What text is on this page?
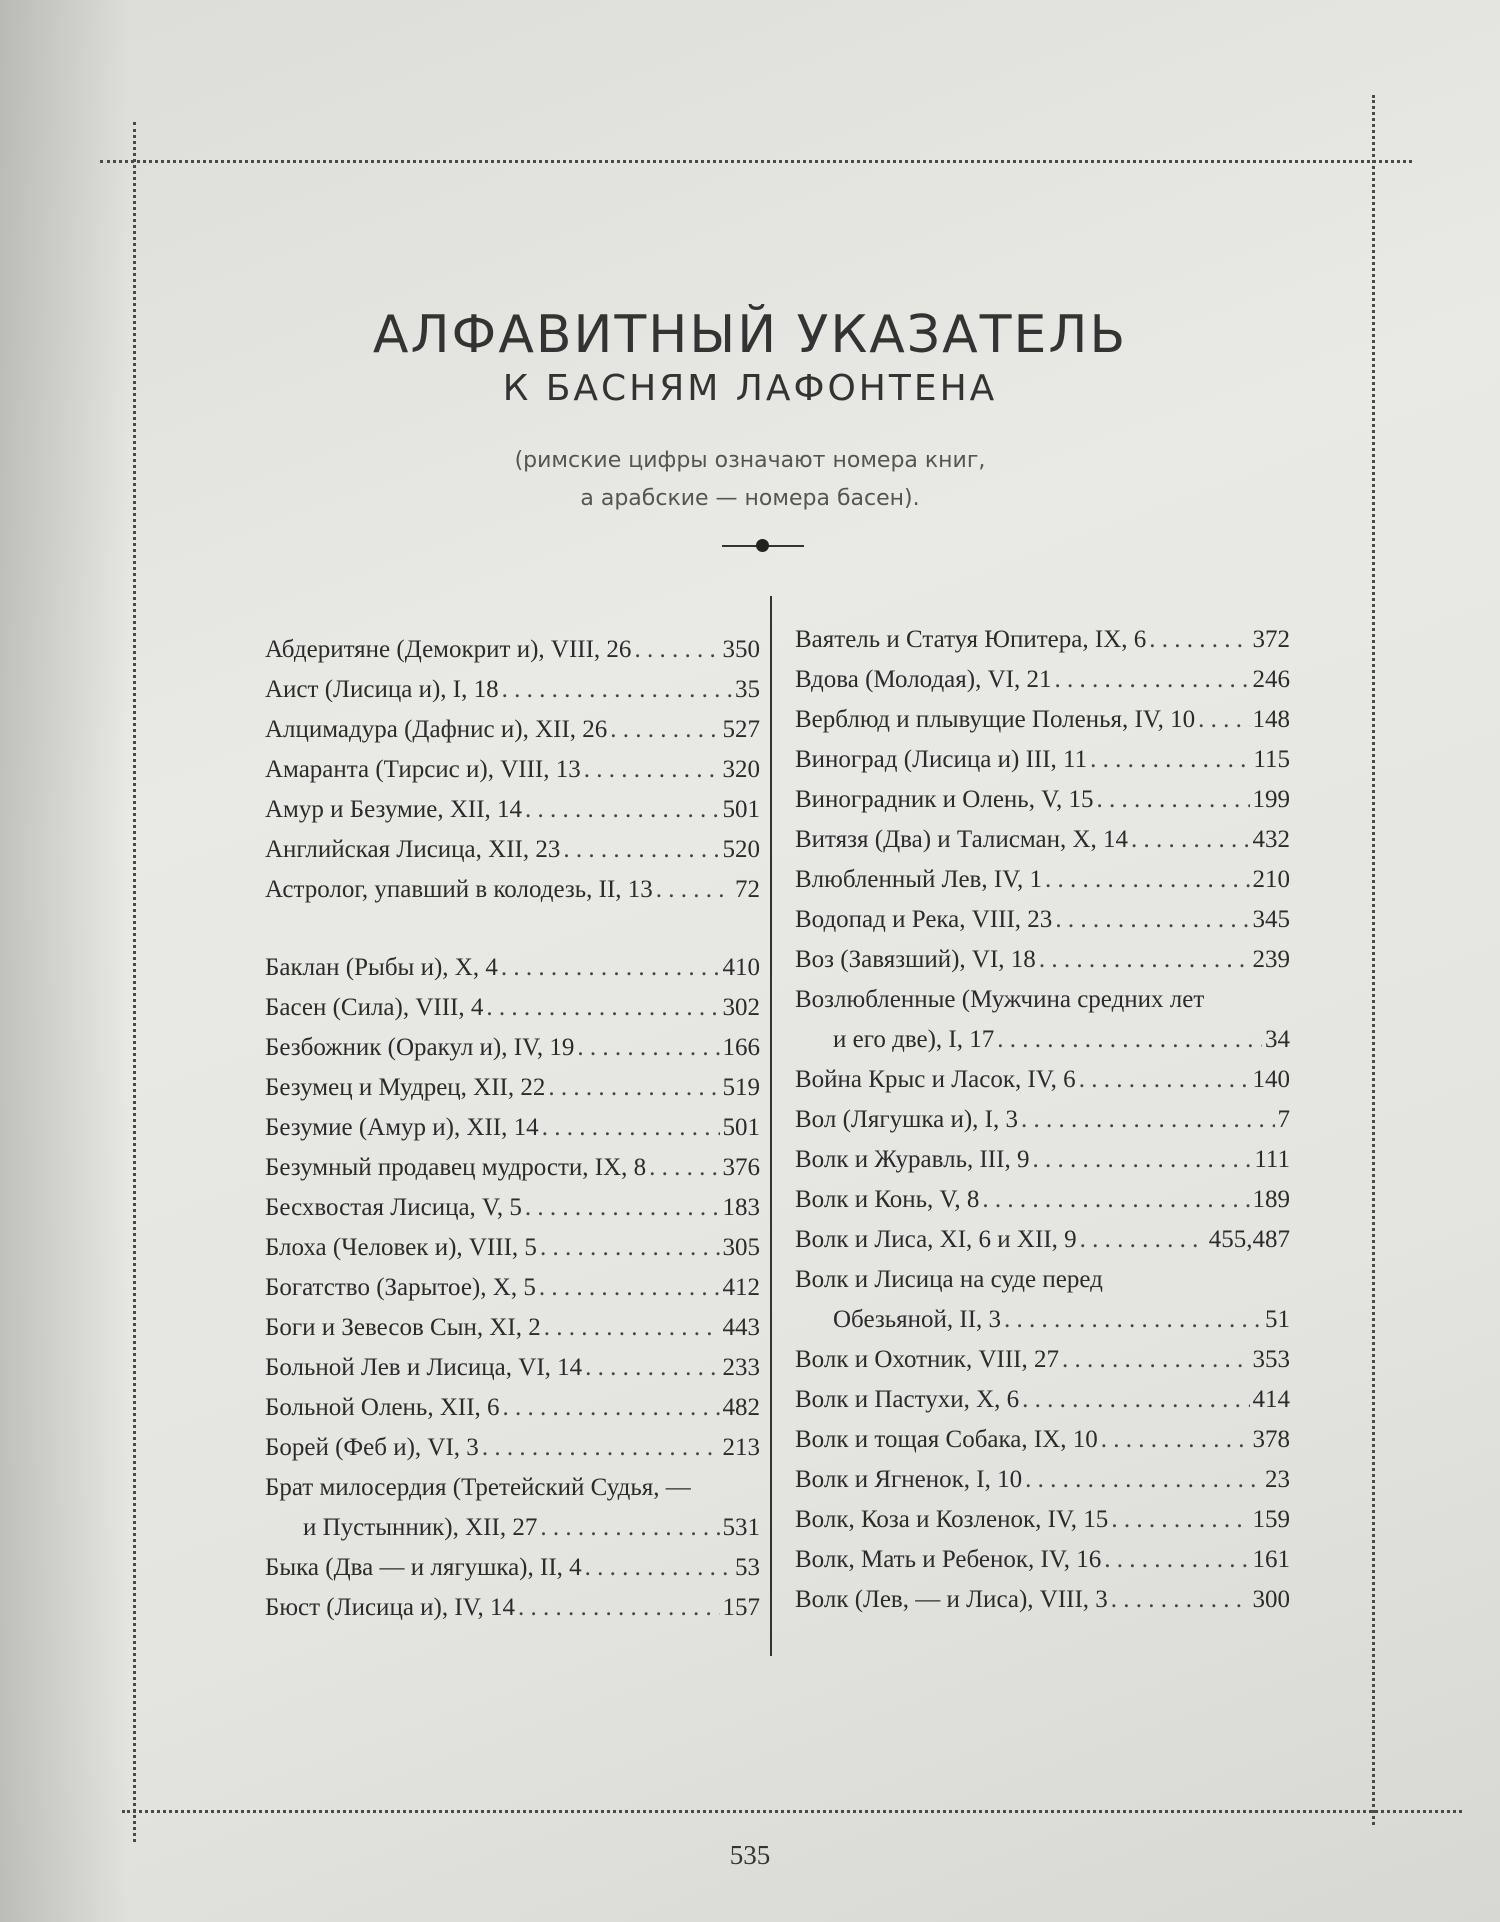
АЛФАВИТНЫЙ УКАЗАТЕЛЬ
К БАСНЯМ ЛАФОНТЕНА
(римские цифры означают номера книг,
а арабские — номера басен).
Абдеритяне (Демокрит и), VIII, 26 . . .	350
Аист (Лисица и), I, 18 . . .	35
Алцимадура (Дафнис и), XII, 26 . . .	527
Амаранта (Тирсис и), VIII, 13 . . .	320
Амур и Безумие, XII, 14 . . .	501
Английская Лисица, XII, 23 . . .	520
Астролог, упавший в колодезь, II, 13 . . .	72
Баклан (Рыбы и), X, 4 . . .	410
Басен (Сила), VIII, 4 . . .	302
Безбожник (Оракул и), IV, 19 . . .	166
Безумец и Мудрец, XII, 22 . . .	519
Безумие (Амур и), XII, 14 . . .	501
Безумный продавец мудрости, IX, 8 . . .	376
Бесхвостая Лисица, V, 5 . . .	183
Блоха (Человек и), VIII, 5 . . .	305
Богатство (Зарытое), X, 5 . . .	412
Боги и Зевесов Сын, XI, 2 . . .	443
Больной Лев и Лисица, VI, 14 . . .	233
Больной Олень, XII, 6 . . .	482
Борей (Феб и), VI, 3 . . .	213
Брат милосердия (Третейский Судья, —
и Пустынник), XII, 27 . . .	531
Быка (Два — и лягушка), II, 4 . . .	53
Бюст (Лисица и), IV, 14 . . .	157
Ваятель и Статуя Юпитера, IX, 6 . . .	372
Вдова (Молодая), VI, 21 . . .	246
Верблюд и плывущие Поленья, IV, 10 . . . 148
Виноград (Лисица и) III, 11 . . .	115
Виноградник и Олень, V, 15 . . .	199
Витязя (Два) и Талисман, X, 14 . . .	432
Влюбленный Лев, IV, 1 . . .	210
Водопад и Река, VIII, 23 . . .	345
Воз (Завязший), VI, 18 . . .	239
Возлюбленные (Мужчина средних лет
и его две), I, 17 . . .	34
Война Крыс и Ласок, IV, 6 . . .	140
Вол (Лягушка и), I, 3 . . .	7
Волк и Журавль, III, 9 . . .	111
Волк и Конь, V, 8 . . .	189
Волк и Лиса, XI, 6 и XII, 9 . . .	455,487
Волк и Лисица на суде перед
Обезьяной, II, 3 . . .	51
Волк и Охотник, VIII, 27 . . .	353
Волк и Пастухи, X, 6 . . .	414
Волк и тощая Собака, IX, 10 . . .	378
Волк и Ягненок, I, 10 . . .	23
Волк, Коза и Козленок, IV, 15 . . .	159
Волк, Мать и Ребенок, IV, 16 . . .	161
Волк (Лев, — и Лиса), VIII, 3 . . .	300
535
